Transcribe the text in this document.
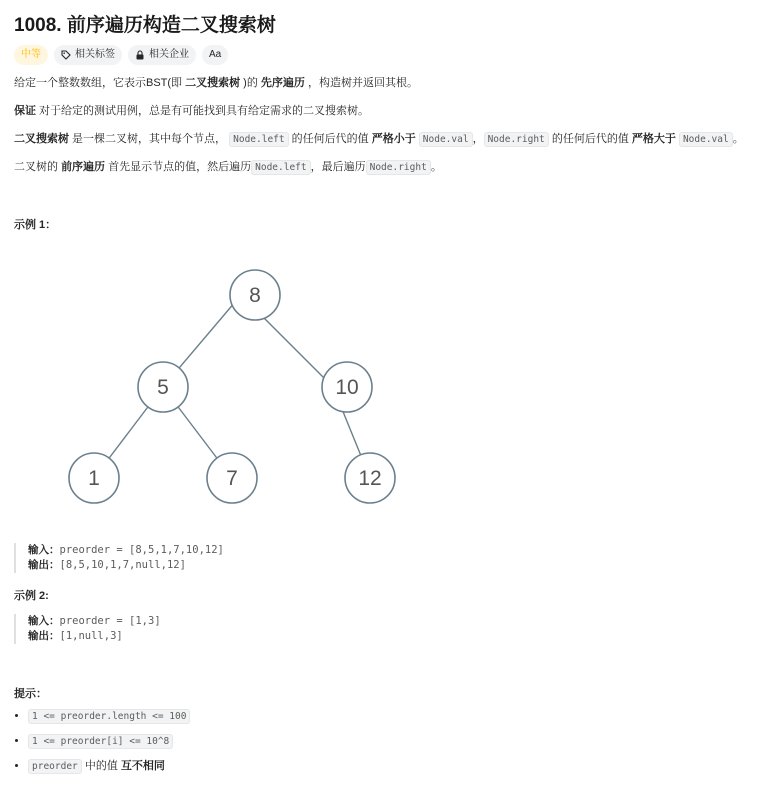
1008. 前序遍历构造二叉搜索树
中等	相关标签	相关企业 Aa
给定一个整数数组，它表示BST(即 二叉搜索树 )的 先序遍历 ，构造树并返回其根。
保证 对于给定的测试用例，总是有可能找到具有给定需求的二叉搜索树。
二叉搜索树 是一棵二叉树，其中每个节点， Node.left 的任何后代的值 严格小于 Node.val ， Node.right 的任何后代的值 严格大于 Node.val 。
二叉树的 前序遍历 首先显示节点的值，然后遍历 Node.left ，最后遍历 Node.right 。
示例 1：
8
5	10
1	7	12
输入：preorder = [8,5,1,7,10,12]
输出：[8,5,10,1,7,null,12]
示例 2:
输入：preorder = [1,3]
输出：[1,null,3]
提示：
• 1 <= preorder.length <= 100
• 1 <= preorder[i] <= 10^8
• preorder 中的值 互不相同
